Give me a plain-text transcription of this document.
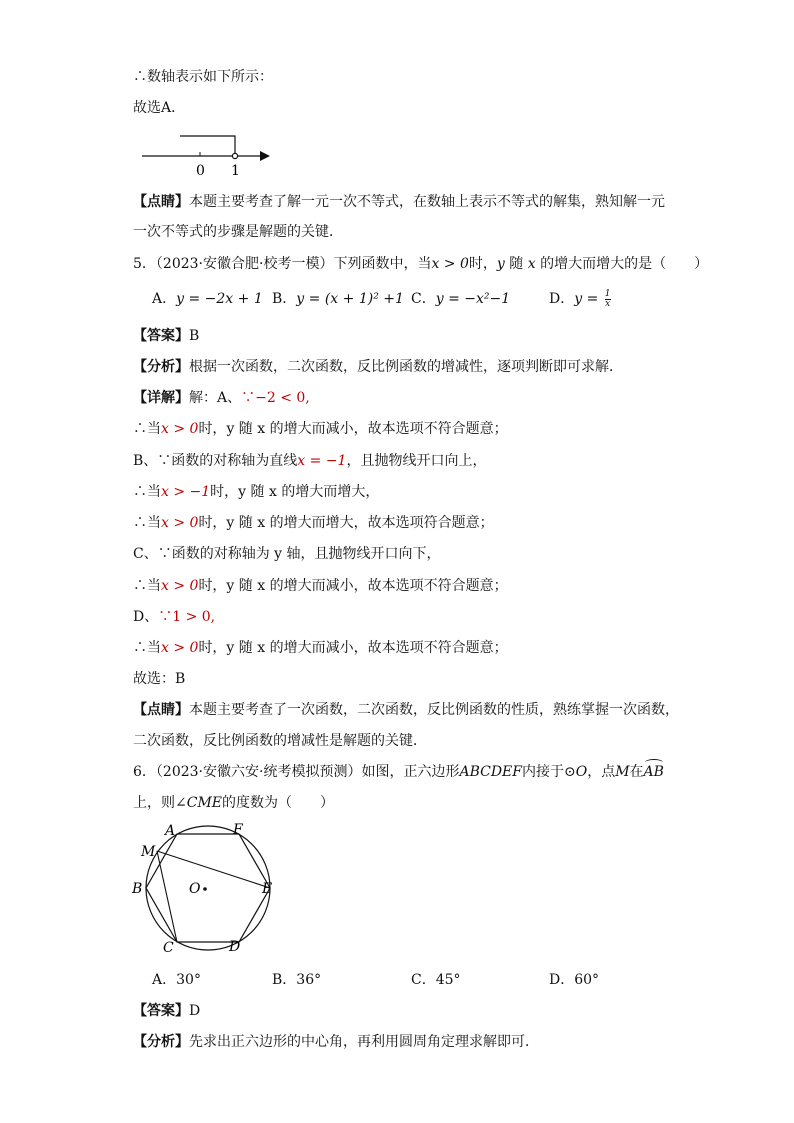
∴数轴表示如下所示：
故选A．
0 1
【点睛】本题主要考查了解一元一次不等式，在数轴上表示不等式的解集，熟知解一元
一次不等式的步骤是解题的关键．
5．（2023·安徽合肥·校考一模）下列函数中，当x > 0时，y 随 x 的增大而增大的是（　　）
A．y = −2x + 1 B．y = (x + 1)² +1 C．y = −x²−1	D．$y = \frac{1}{x}$
【答案】B
【分析】根据一次函数，二次函数，反比例函数的增减性，逐项判断即可求解．
【详解】解：A、∵−2 < 0,
∴当x > 0时，y 随 x 的增大而减小，故本选项不符合题意；
B、∵函数的对称轴为直线x = −1，且抛物线开口向上，
∴当x > −1时，y 随 x 的增大而增大，
∴当x > 0时，y 随 x 的增大而增大，故本选项符合题意；
C、∵函数的对称轴为 y 轴，且抛物线开口向下，
∴当x > 0时，y 随 x 的增大而减小，故本选项不符合题意；
D、∵1 > 0,
∴当x > 0时，y 随 x 的增大而减小，故本选项不符合题意；
故选：B
【点睛】本题主要考查了一次函数，二次函数，反比例函数的性质，熟练掌握一次函数，
二次函数，反比例函数的增减性是解题的关键．
6．（2023·安徽六安·统考模拟预测）如图，正六边形ABCDEF内接于⊙O，点M在
AB
上，则∠CME的度数为（　　）
A	F
M
B	O	E
C	D
A．30°	B．36°	C．45°	D．60°
【答案】D
【分析】先求出正六边形的中心角，再利用圆周角定理求解即可．
